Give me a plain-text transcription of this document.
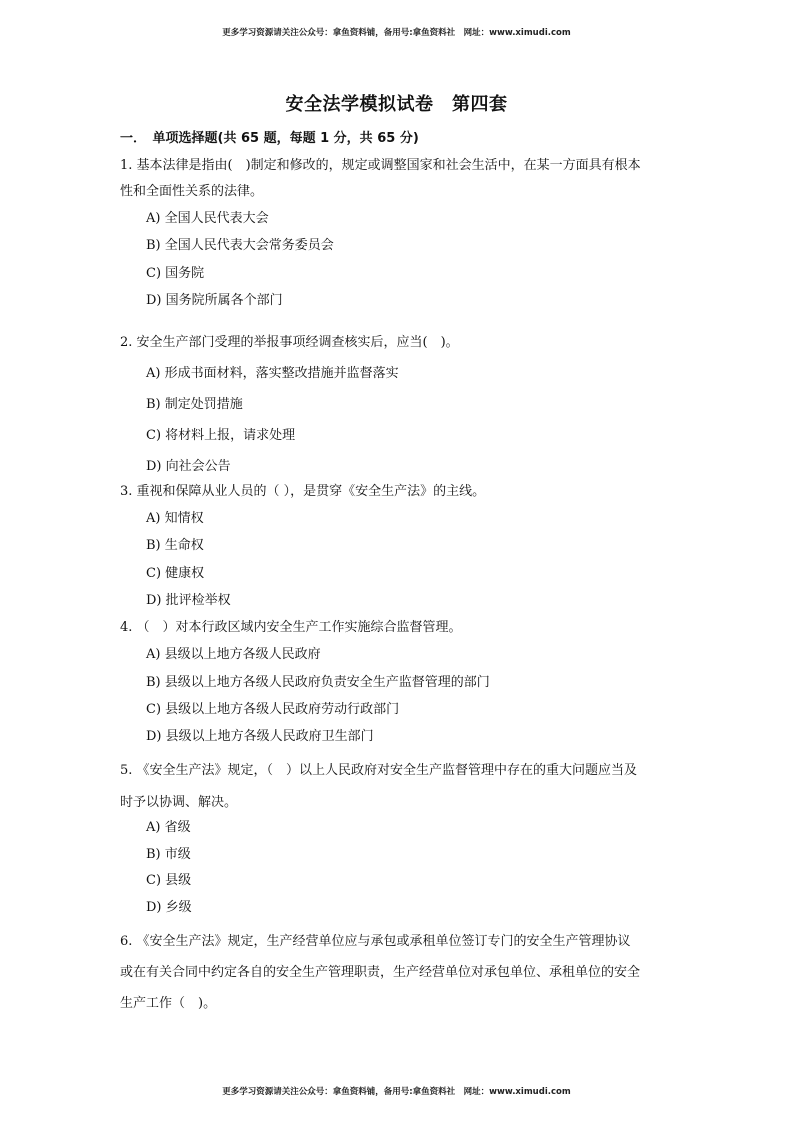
更多学习资源请关注公众号：拿鱼资料铺，备用号:拿鱼资料社　网址：www.ximudi.com
安全法学模拟试卷　第四套
一．　单项选择题(共 65 题，每题 1 分，共 65 分)
1. 基本法律是指由(　)制定和修改的，规定或调整国家和社会生活中，在某一方面具有根本
性和全面性关系的法律。
A) 全国人民代表大会
B) 全国人民代表大会常务委员会
C) 国务院
D) 国务院所属各个部门
2. 安全生产部门受理的举报事项经调查核实后，应当(　)。
A) 形成书面材料，落实整改措施并监督落实
B) 制定处罚措施
C) 将材料上报，请求处理
D) 向社会公告
3. 重视和保障从业人员的（ ），是贯穿《安全生产法》的主线。
A) 知情权
B) 生命权
C) 健康权
D) 批评检举权
4. （　）对本行政区域内安全生产工作实施综合监督管理。
A) 县级以上地方各级人民政府
B) 县级以上地方各级人民政府负责安全生产监督管理的部门
C) 县级以上地方各级人民政府劳动行政部门
D) 县级以上地方各级人民政府卫生部门
5. 《安全生产法》规定，（　）以上人民政府对安全生产监督管理中存在的重大问题应当及
时予以协调、解决。
A) 省级
B) 市级
C) 县级
D) 乡级
6. 《安全生产法》规定，生产经营单位应与承包或承租单位签订专门的安全生产管理协议
或在有关合同中约定各自的安全生产管理职责，生产经营单位对承包单位、承租单位的安全
生产工作（　)。
更多学习资源请关注公众号：拿鱼资料铺，备用号:拿鱼资料社　网址：www.ximudi.com
